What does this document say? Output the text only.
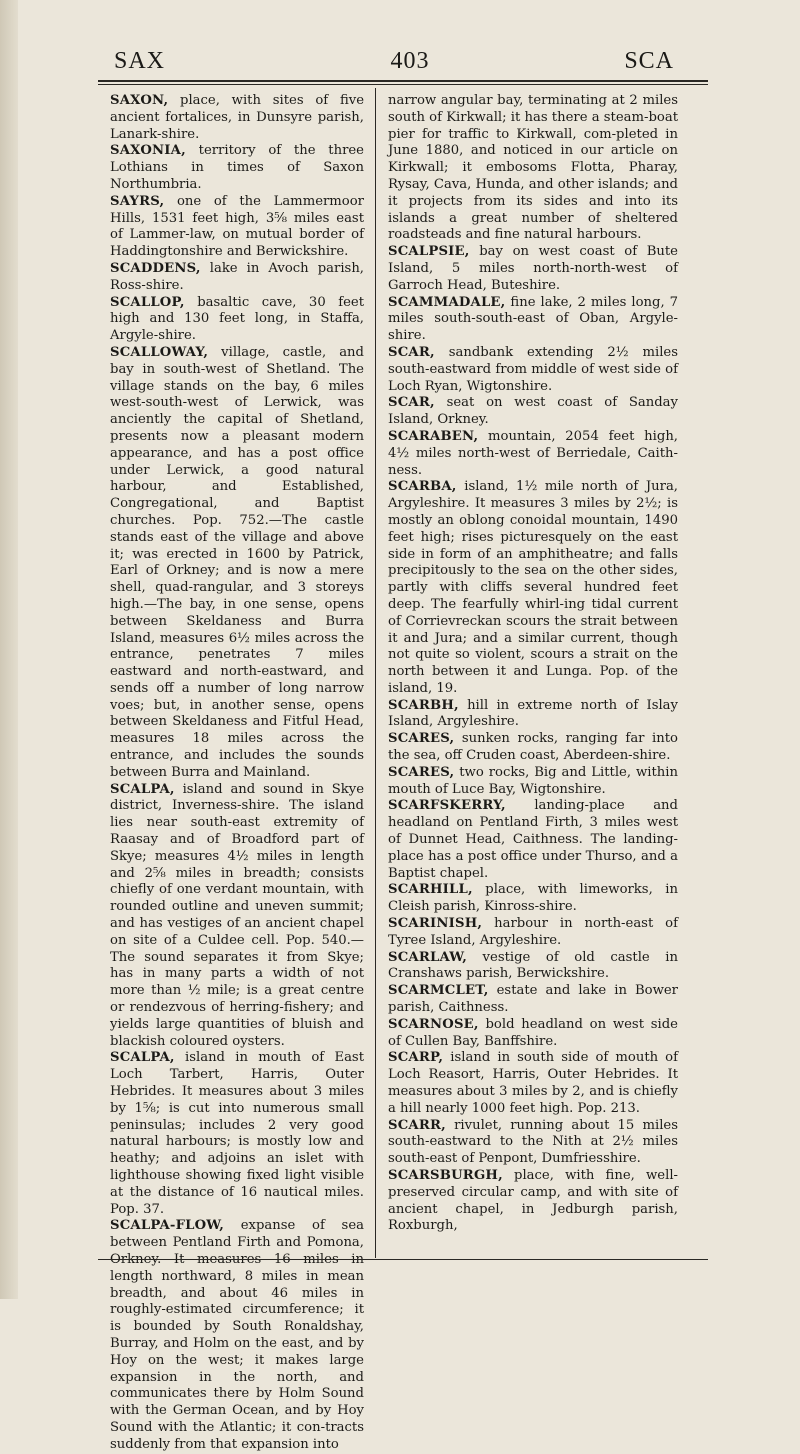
SAX	403	SCA

SAXON, place, with sites of five ancient fortalices, in Dunsyre parish, Lanark-shire.

SAXONIA, territory of the three Lothians in times of Saxon Northumbria.

SAYRS, one of the Lammermoor Hills, 1531 feet high, 3⅝ miles east of Lammer-law, on mutual border of Haddingtonshire and Berwickshire.

SCADDENS, lake in Avoch parish, Ross-shire.

SCALLOP, basaltic cave, 30 feet high and 130 feet long, in Staffa, Argyle-shire.

SCALLOWAY, village, castle, and bay in south-west of Shetland. The village stands on the bay, 6 miles west-south-west of Lerwick, was anciently the capital of Shetland, presents now a pleasant modern appearance, and has a post office under Lerwick, a good natural harbour, and Established, Congregational, and Baptist churches. Pop. 752.—The castle stands east of the village and above it; was erected in 1600 by Patrick, Earl of Orkney; and is now a mere shell, quad-rangular, and 3 storeys high.—The bay, in one sense, opens between Skeldaness and Burra Island, measures 6½ miles across the entrance, penetrates 7 miles eastward and north-eastward, and sends off a number of long narrow voes; but, in another sense, opens between Skeldaness and Fitful Head, measures 18 miles across the entrance, and includes the sounds between Burra and Mainland.

SCALPA, island and sound in Skye district, Inverness-shire. The island lies near south-east extremity of Raasay and of Broadford part of Skye; measures 4½ miles in length and 2⅝ miles in breadth; consists chiefly of one verdant mountain, with rounded outline and uneven summit; and has vestiges of an ancient chapel on site of a Culdee cell. Pop. 540.—The sound separates it from Skye; has in many parts a width of not more than ½ mile; is a great centre or rendezvous of herring-fishery; and yields large quantities of bluish and blackish coloured oysters.

SCALPA, island in mouth of East Loch Tarbert, Harris, Outer Hebrides. It measures about 3 miles by 1⅝; is cut into numerous small peninsulas; includes 2 very good natural harbours; is mostly low and heathy; and adjoins an islet with lighthouse showing fixed light visible at the distance of 16 nautical miles. Pop. 37.

SCALPA-FLOW, expanse of sea between Pentland Firth and Pomona, Orkney. It measures 16 miles in length northward, 8 miles in mean breadth, and about 46 miles in roughly-estimated circumference; it is bounded by South Ronaldshay, Burray, and Holm on the east, and by Hoy on the west; it makes large expansion in the north, and communicates there by Holm Sound with the German Ocean, and by Hoy Sound with the Atlantic; it con-tracts suddenly from that expansion into

narrow angular bay, terminating at 2 miles south of Kirkwall; it has there a steam-boat pier for traffic to Kirkwall, com-pleted in June 1880, and noticed in our article on Kirkwall; it embosoms Flotta, Pharay, Rysay, Cava, Hunda, and other islands; and it projects from its sides and into its islands a great number of sheltered roadsteads and fine natural harbours.

SCALPSIE, bay on west coast of Bute Island, 5 miles north-north-west of Garroch Head, Buteshire.

SCAMMADALE, fine lake, 2 miles long, 7 miles south-south-east of Oban, Argyle-shire.

SCAR, sandbank extending 2½ miles south-eastward from middle of west side of Loch Ryan, Wigtonshire.

SCAR, seat on west coast of Sanday Island, Orkney.

SCARABEN, mountain, 2054 feet high, 4½ miles north-west of Berriedale, Caith-ness.

SCARBA, island, 1½ mile north of Jura, Argyleshire. It measures 3 miles by 2½; is mostly an oblong conoidal mountain, 1490 feet high; rises picturesquely on the east side in form of an amphitheatre; and falls precipitously to the sea on the other sides, partly with cliffs several hundred feet deep. The fearfully whirl-ing tidal current of Corrievreckan scours the strait between it and Jura; and a similar current, though not quite so violent, scours a strait on the north between it and Lunga. Pop. of the island, 19.

SCARBH, hill in extreme north of Islay Island, Argyleshire.

SCARES, sunken rocks, ranging far into the sea, off Cruden coast, Aberdeen-shire.

SCARES, two rocks, Big and Little, within mouth of Luce Bay, Wigtonshire.

SCARFSKERRY, landing-place and headland on Pentland Firth, 3 miles west of Dunnet Head, Caithness. The landing-place has a post office under Thurso, and a Baptist chapel.

SCARHILL, place, with limeworks, in Cleish parish, Kinross-shire.

SCARINISH, harbour in north-east of Tyree Island, Argyleshire.

SCARLAW, vestige of old castle in Cranshaws parish, Berwickshire.

SCARMCLET, estate and lake in Bower parish, Caithness.

SCARNOSE, bold headland on west side of Cullen Bay, Banffshire.

SCARP, island in south side of mouth of Loch Reasort, Harris, Outer Hebrides. It measures about 3 miles by 2, and is chiefly a hill nearly 1000 feet high. Pop. 213.

SCARR, rivulet, running about 15 miles south-eastward to the Nith at 2½ miles south-east of Penpont, Dumfriesshire.

SCARSBURGH, place, with fine, well-preserved circular camp, and with site of ancient chapel, in Jedburgh parish, Roxburgh,
